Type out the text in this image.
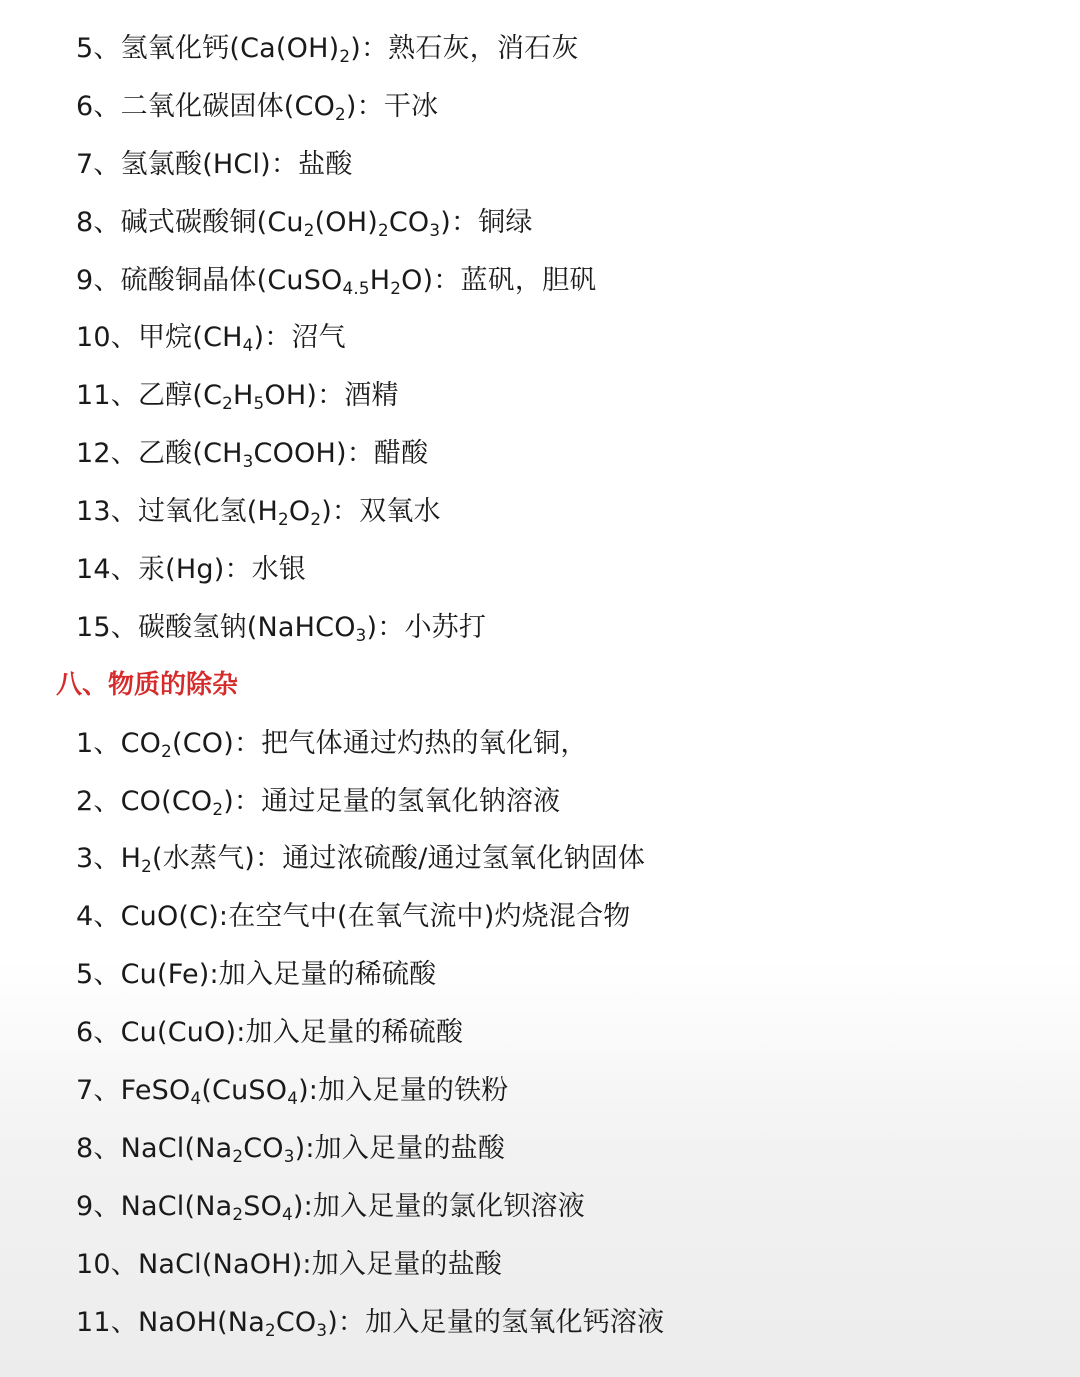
5、氢氧化钙$(Ca(OH)_2)$：熟石灰，消石灰
6、二氧化碳固体$(CO_2)$：干冰
7、氢氯酸(HCl)：盐酸
8、碱式碳酸铜$(Cu_2(OH)_2CO_3)$：铜绿
9、硫酸铜晶体$(CuSO_{4.5}H_2O)$：蓝矾，胆矾
10、甲烷$(CH_4)$：沼气
11、乙醇$(C_2H_5OH)$：酒精
12、乙酸$(CH_3COOH)$：醋酸
13、过氧化氢$(H_2O_2)$：双氧水
14、汞(Hg)：水银
15、碳酸氢钠(NaHCO$_3$)：小苏打
八、物质的除杂
1、$CO_2(CO)$：把气体通过灼热的氧化铜，
2、$CO(CO_2)$：通过足量的氢氧化钠溶液
3、$H_2$(水蒸气)：通过浓硫酸/通过氢氧化钠固体
4、CuO(C):在空气中(在氧气流中)灼烧混合物
5、Cu(Fe):加入足量的稀硫酸
6、Cu(CuO):加入足量的稀硫酸
7、FeSO$_4$(CuSO$_4$):加入足量的铁粉
8、$NaCl(Na_2CO_3)$:加入足量的盐酸
9、$NaCl(Na_2SO_4)$:加入足量的氯化钡溶液
10、NaCl(NaOH):加入足量的盐酸
11、$NaOH(Na_2CO_3)$：加入足量的氢氧化钙溶液
